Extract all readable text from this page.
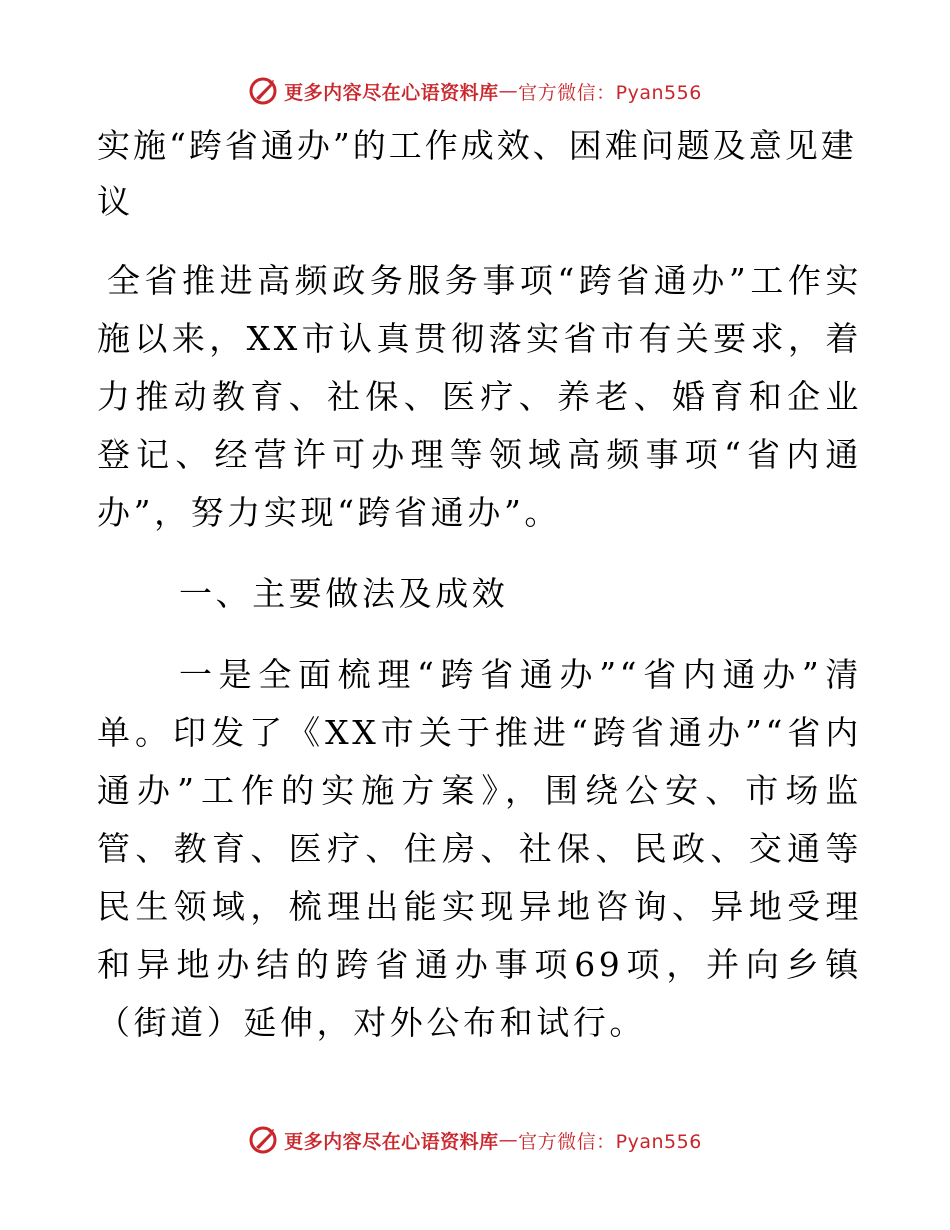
更多内容尽在心语资料库 — 官方微信：Pyan556

实施“跨省通办”的工作成效、困难问题及意见建议

全省推进高频政务服务事项“跨省通办”工作实施以来，XX市认真贯彻落实省市有关要求，着力推动教育、社保、医疗、养老、婚育和企业登记、经营许可办理等领域高频事项“省内通办”，努力实现“跨省通办”。

一、主要做法及成效

一是全面梳理“跨省通办”“省内通办”清单。印发了《XX市关于推进“跨省通办”“省内通办”工作的实施方案》，围绕公安、市场监管、教育、医疗、住房、社保、民政、交通等民生领域，梳理出能实现异地咨询、异地受理和异地办结的跨省通办事项69项，并向乡镇（街道）延伸，对外公布和试行。

更多内容尽在心语资料库 — 官方微信：Pyan556
